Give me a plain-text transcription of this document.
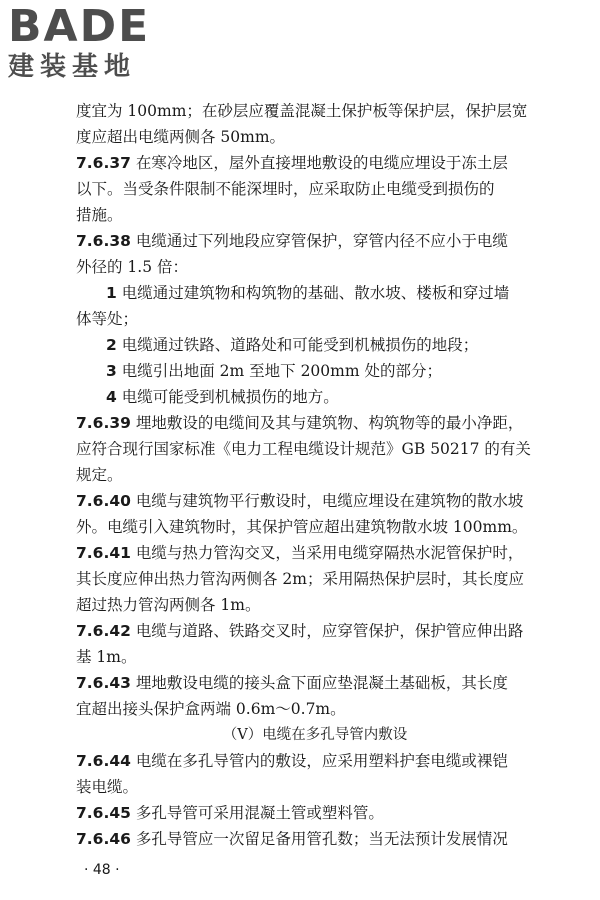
BADE
建装基地
度宜为 100mm；在砂层应覆盖混凝土保护板等保护层，保护层宽
度应超出电缆两侧各 50mm。
7.6.37 在寒冷地区，屋外直接埋地敷设的电缆应埋设于冻土层
以下。当受条件限制不能深埋时，应采取防止电缆受到损伤的
措施。
7.6.38 电缆通过下列地段应穿管保护，穿管内径不应小于电缆
外径的 1.5 倍：
1 电缆通过建筑物和构筑物的基础、散水坡、楼板和穿过墙
体等处；
2 电缆通过铁路、道路处和可能受到机械损伤的地段；
3 电缆引出地面 2m 至地下 200mm 处的部分；
4 电缆可能受到机械损伤的地方。
7.6.39 埋地敷设的电缆间及其与建筑物、构筑物等的最小净距，
应符合现行国家标准《电力工程电缆设计规范》GB 50217 的有关
规定。
7.6.40 电缆与建筑物平行敷设时，电缆应埋设在建筑物的散水坡
外。电缆引入建筑物时，其保护管应超出建筑物散水坡 100mm。
7.6.41 电缆与热力管沟交叉，当采用电缆穿隔热水泥管保护时，
其长度应伸出热力管沟两侧各 2m；采用隔热保护层时，其长度应
超过热力管沟两侧各 1m。
7.6.42 电缆与道路、铁路交叉时，应穿管保护，保护管应伸出路
基 1m。
7.6.43 埋地敷设电缆的接头盒下面应垫混凝土基础板，其长度
宜超出接头保护盒两端 0.6m～0.7m。
（Ⅴ）电缆在多孔导管内敷设
7.6.44 电缆在多孔导管内的敷设，应采用塑料护套电缆或裸铠
装电缆。
7.6.45 多孔导管可采用混凝土管或塑料管。
7.6.46 多孔导管应一次留足备用管孔数；当无法预计发展情况
· 48 ·
